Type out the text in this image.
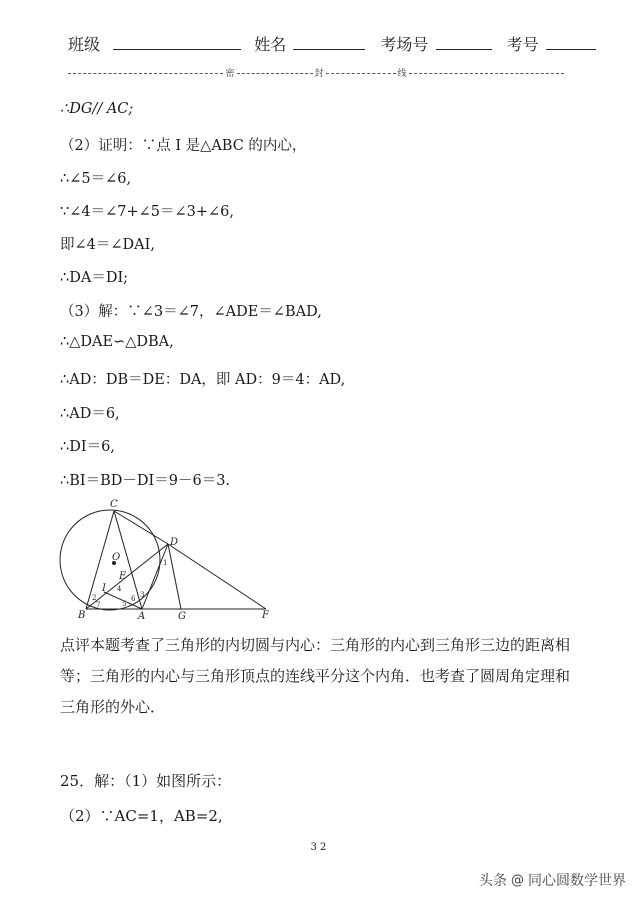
班级	姓名	考场号	考号
密	封	线
∴DG// AC;
（2）证明：∵点 I 是△ABC 的内心，
∴∠5＝∠6,
∵∠4＝∠7+∠5＝∠3+∠6,
即∠4＝∠DAI,
∴DA＝DI;
（3）解：∵∠3＝∠7，∠ADE＝∠BAD,
∴△DAE∽△DBA,
∴AD：DB＝DE：DA，即 AD：9＝4：AD,
∴AD＝6,
∴DI＝6,
∴BI＝BD－DI＝9－6＝3.
C
D
O
E
I
B	A	G	F
1
2	3
4
5
6
7
点评本题考查了三角形的内切圆与内心：三角形的内心到三角形三边的距离相等；三角形的内心与三角形顶点的连线平分这个内角．也考查了圆周角定理和三角形的外心．
25．解：（1）如图所示：
（2）∵AC=1，AB=2,
32
头条 @ 同心圆数学世界
